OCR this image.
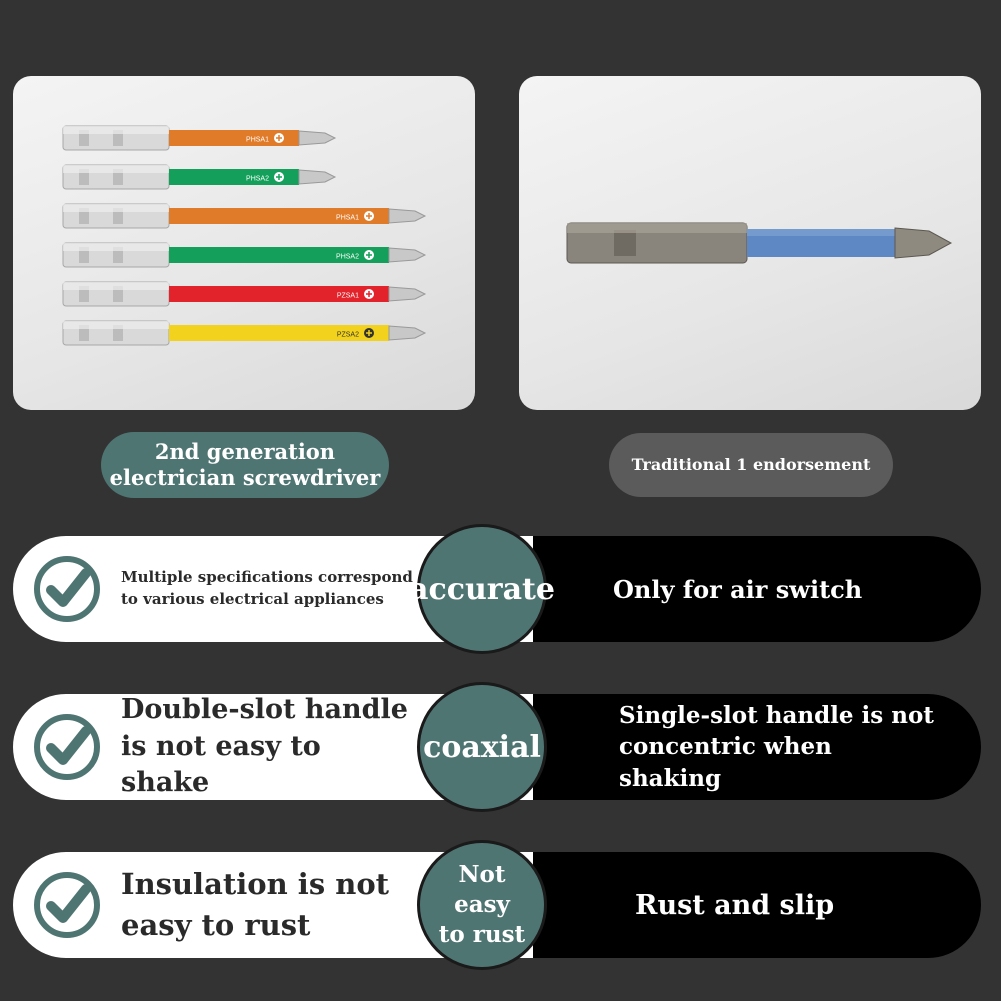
PHSA1
PHSA2
PHSA1
PHSA2
PZSA1
PZSA2
2nd generation electrician screwdriver
Traditional 1 endorsement
Multiple specifications correspond to various electrical appliances accurate Only for air switch
Double-slot handle is not easy to shake
coaxial
Single-slot handle is not concentric when shaking
Insulation is not easy to rust
Not easy to rust
Rust and slip
